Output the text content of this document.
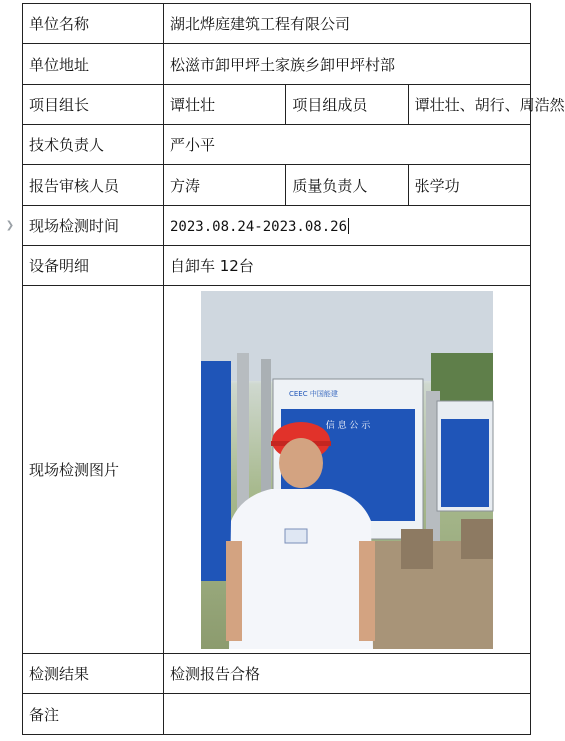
❯
单位名称	湖北烨庭建筑工程有限公司		
单位地址	松滋市卸甲坪土家族乡卸甲坪村部		
项目组长	谭壮壮	项目组成员	谭壮壮、胡行、周浩然
技术负责人	严小平		
报告审核人员	方涛	质量负责人	张学功
现场检测时间	2023.08.24-2023.08.26		
设备明细	自卸车 12台		
现场检测图片	信 息 公 示
CEEC 中国能建		

检测结果	检测报告合格		
备注			
